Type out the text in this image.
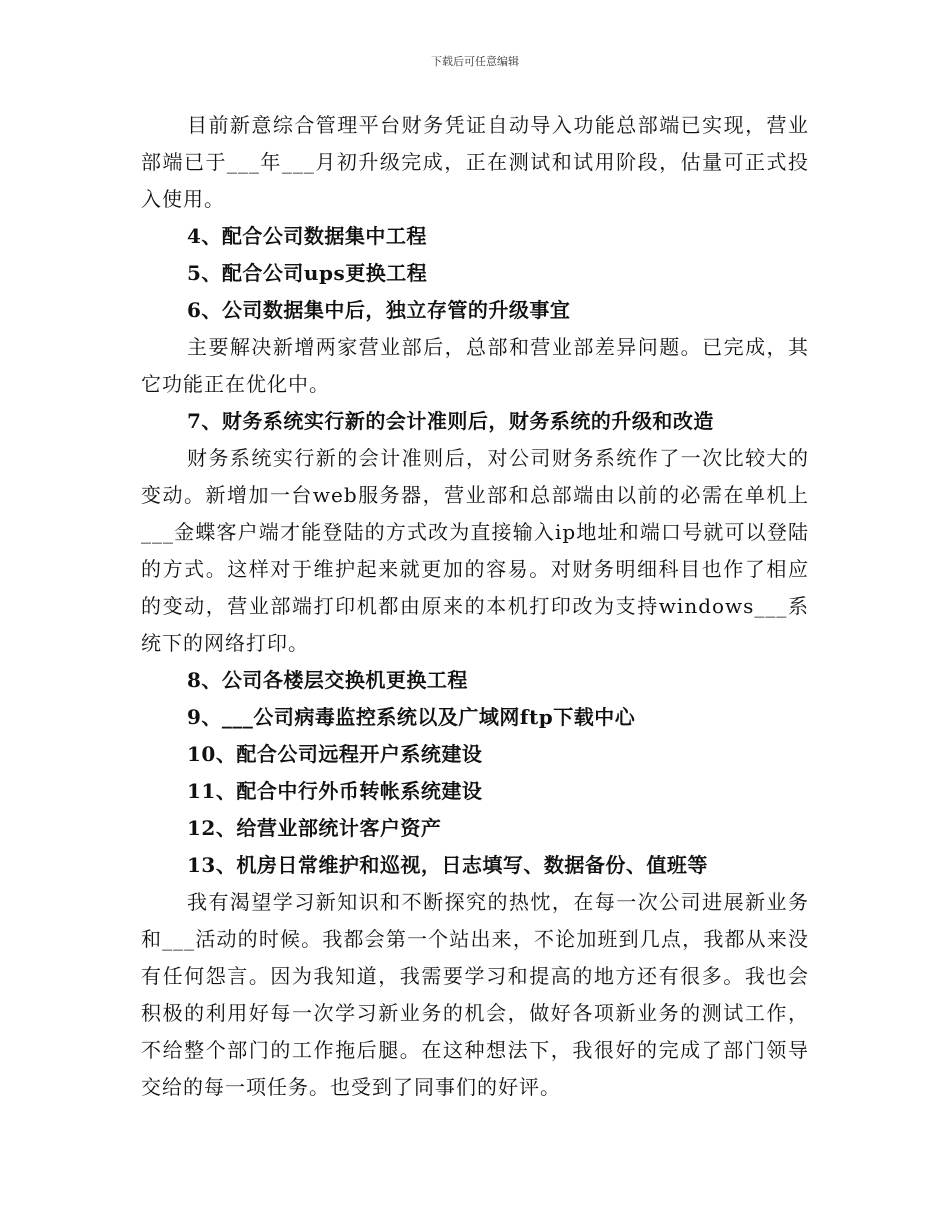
下载后可任意编辑

目前新意综合管理平台财务凭证自动导入功能总部端已实现，营业部端已于___年___月初升级完成，正在测试和试用阶段，估量可正式投入使用。

4、配合公司数据集中工程

5、配合公司ups更换工程

6、公司数据集中后，独立存管的升级事宜

主要解决新增两家营业部后，总部和营业部差异问题。已完成，其它功能正在优化中。

7、财务系统实行新的会计准则后，财务系统的升级和改造

财务系统实行新的会计准则后，对公司财务系统作了一次比较大的变动。新增加一台web服务器，营业部和总部端由以前的必需在单机上___金蝶客户端才能登陆的方式改为直接输入ip地址和端口号就可以登陆的方式。这样对于维护起来就更加的容易。对财务明细科目也作了相应的变动，营业部端打印机都由原来的本机打印改为支持windows___系统下的网络打印。

8、公司各楼层交换机更换工程

9、___公司病毒监控系统以及广域网ftp下载中心

10、配合公司远程开户系统建设

11、配合中行外币转帐系统建设

12、给营业部统计客户资产

13、机房日常维护和巡视，日志填写、数据备份、值班等

我有渴望学习新知识和不断探究的热忱，在每一次公司进展新业务和___活动的时候。我都会第一个站出来，不论加班到几点，我都从来没有任何怨言。因为我知道，我需要学习和提高的地方还有很多。我也会积极的利用好每一次学习新业务的机会，做好各项新业务的测试工作，不给整个部门的工作拖后腿。在这种想法下，我很好的完成了部门领导交给的每一项任务。也受到了同事们的好评。
